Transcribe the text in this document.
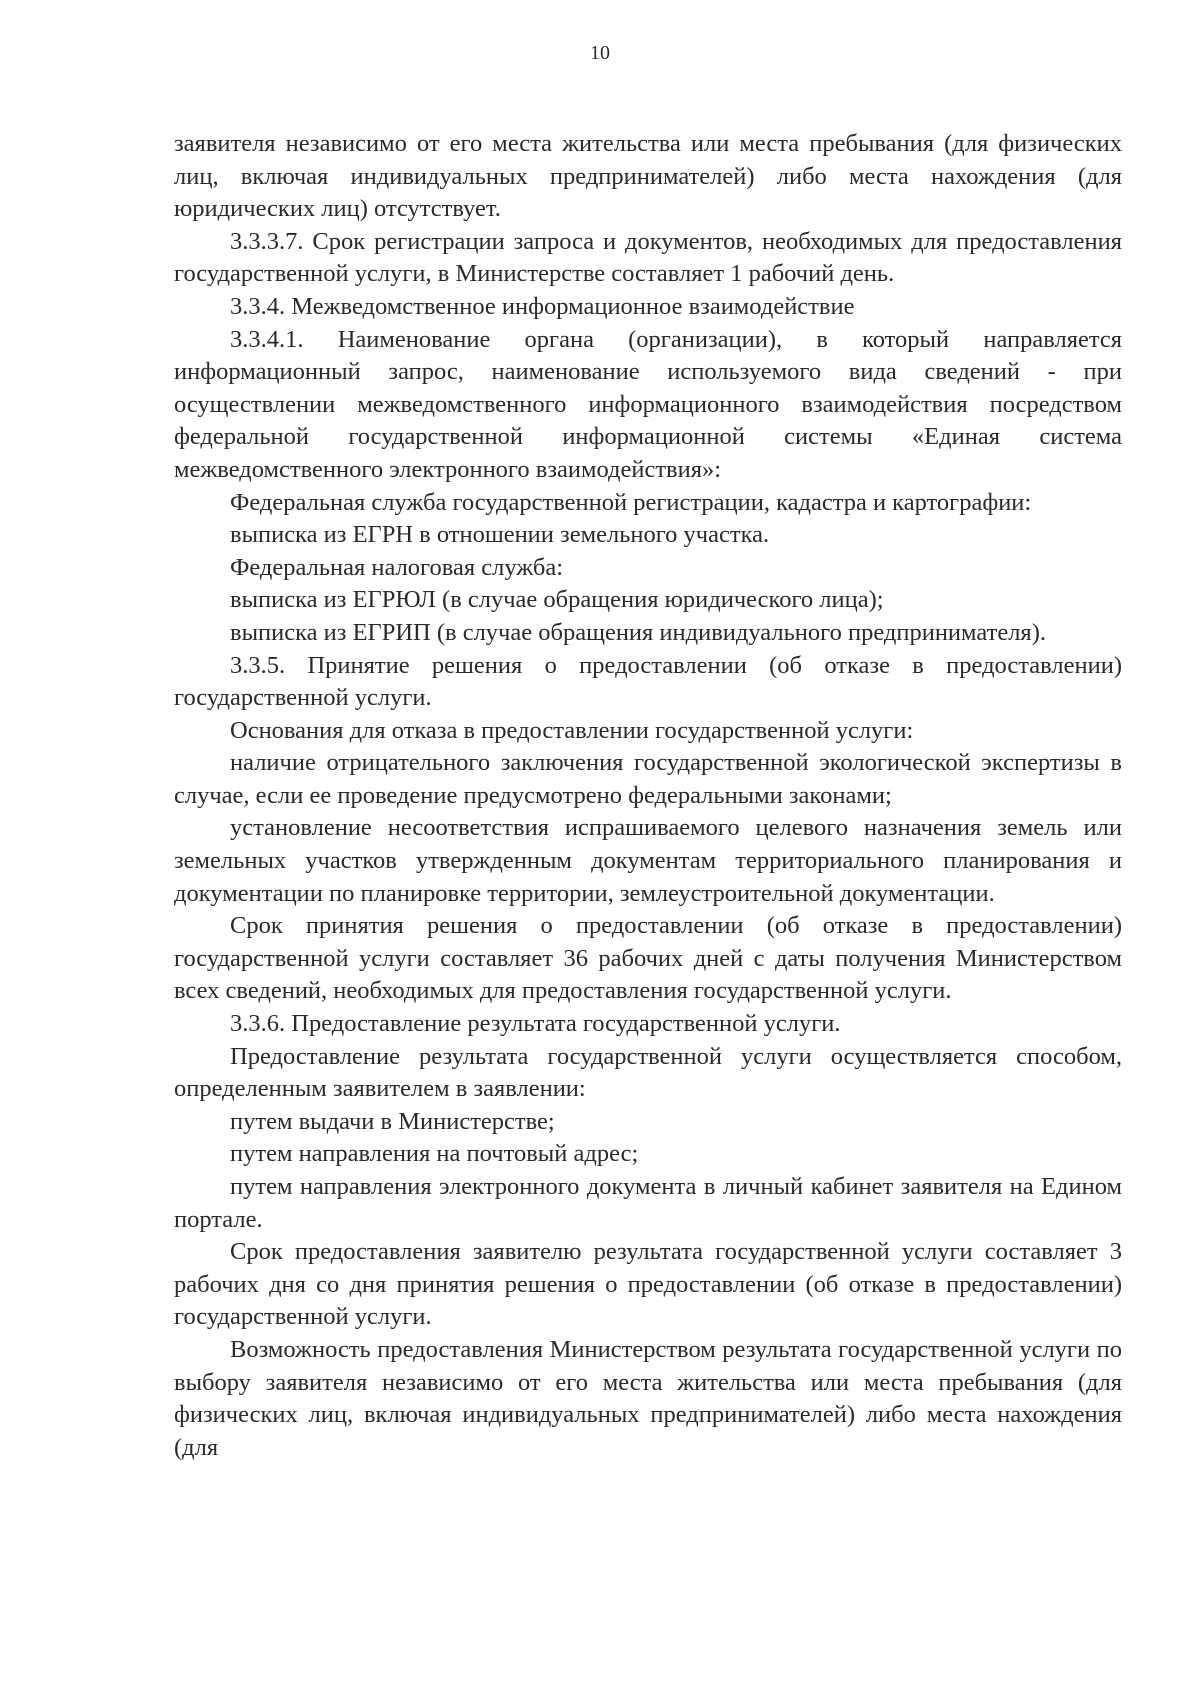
10

заявителя независимо от его места жительства или места пребывания (для физических лиц, включая индивидуальных предпринимателей) либо места нахождения (для юридических лиц) отсутствует.

3.3.3.7. Срок регистрации запроса и документов, необходимых для предоставления государственной услуги, в Министерстве составляет 1 рабочий день.

3.3.4. Межведомственное информационное взаимодействие

3.3.4.1. Наименование органа (организации), в который направляется информационный запрос, наименование используемого вида сведений - при осуществлении межведомственного информационного взаимодействия посредством федеральной государственной информационной системы «Единая система межведомственного электронного взаимодействия»:

Федеральная служба государственной регистрации, кадастра и картографии:

выписка из ЕГРН в отношении земельного участка.

Федеральная налоговая служба:

выписка из ЕГРЮЛ (в случае обращения юридического лица);

выписка из ЕГРИП (в случае обращения индивидуального предпринимателя).

3.3.5. Принятие решения о предоставлении (об отказе в предоставлении) государственной услуги.

Основания для отказа в предоставлении государственной услуги:

наличие отрицательного заключения государственной экологической экспертизы в случае, если ее проведение предусмотрено федеральными законами;

установление несоответствия испрашиваемого целевого назначения земель или земельных участков утвержденным документам территориального планирования и документации по планировке территории, землеустроительной документации.

Срок принятия решения о предоставлении (об отказе в предоставлении) государственной услуги составляет 36 рабочих дней с даты получения Министерством всех сведений, необходимых для предоставления государственной услуги.

3.3.6. Предоставление результата государственной услуги.

Предоставление результата государственной услуги осуществляется способом, определенным заявителем в заявлении:

путем выдачи в Министерстве;

путем направления на почтовый адрес;

путем направления электронного документа в личный кабинет заявителя на Едином портале.

Срок предоставления заявителю результата государственной услуги составляет 3 рабочих дня со дня принятия решения о предоставлении (об отказе в предоставлении) государственной услуги.

Возможность предоставления Министерством результата государственной услуги по выбору заявителя независимо от его места жительства или места пребывания (для физических лиц, включая индивидуальных предпринимателей) либо места нахождения (для
